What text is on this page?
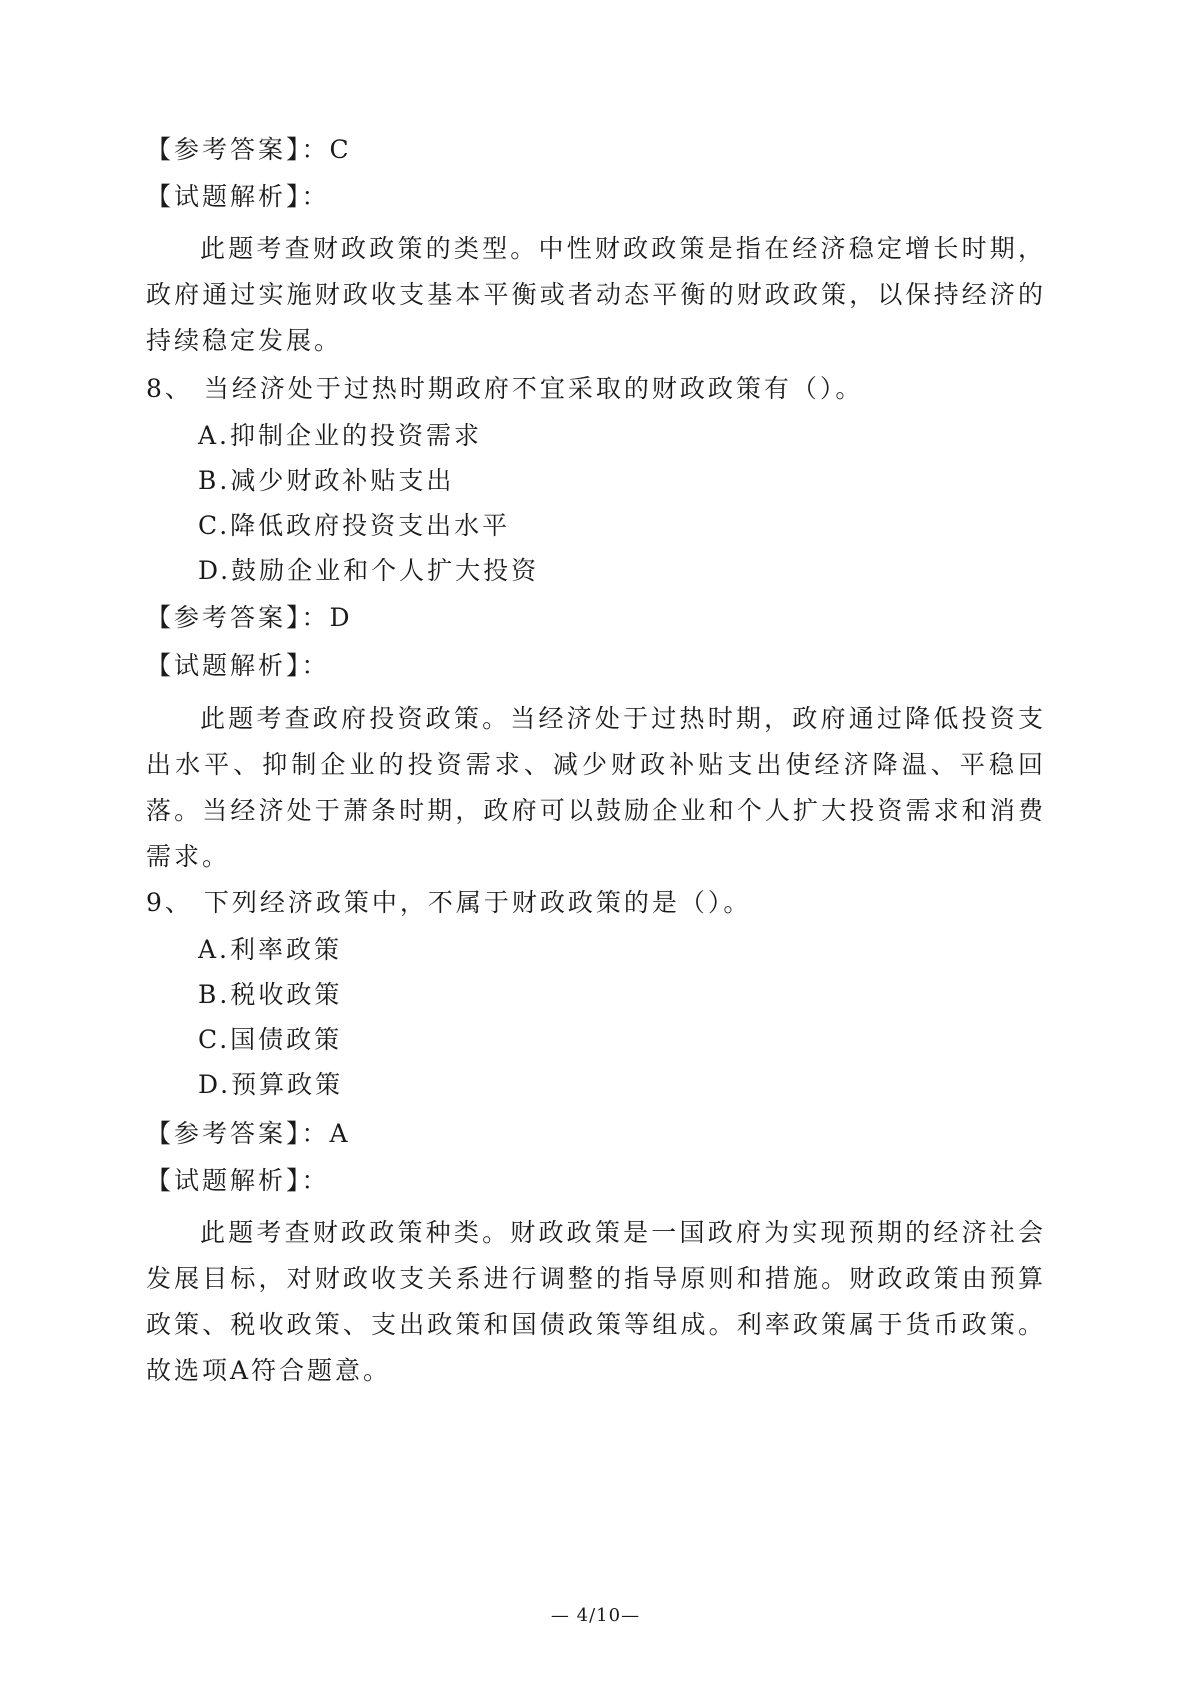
【参考答案】：C
【试题解析】：
此题考查财政政策的类型。中性财政政策是指在经济稳定增长时期，政府通过实施财政收支基本平衡或者动态平衡的财政政策，以保持经济的持续稳定发展。
8、 当经济处于过热时期政府不宜采取的财政政策有（）。
A.抑制企业的投资需求
B.减少财政补贴支出
C.降低政府投资支出水平
D.鼓励企业和个人扩大投资
【参考答案】：D
【试题解析】：
此题考查政府投资政策。当经济处于过热时期，政府通过降低投资支出水平、抑制企业的投资需求、减少财政补贴支出使经济降温、平稳回落。当经济处于萧条时期，政府可以鼓励企业和个人扩大投资需求和消费需求。
9、 下列经济政策中，不属于财政政策的是（）。
A.利率政策
B.税收政策
C.国债政策
D.预算政策
【参考答案】：A
【试题解析】：
此题考查财政政策种类。财政政策是一国政府为实现预期的经济社会发展目标，对财政收支关系进行调整的指导原则和措施。财政政策由预算政策、税收政策、支出政策和国债政策等组成。利率政策属于货币政策。故选项A符合题意。
— 4/10—
